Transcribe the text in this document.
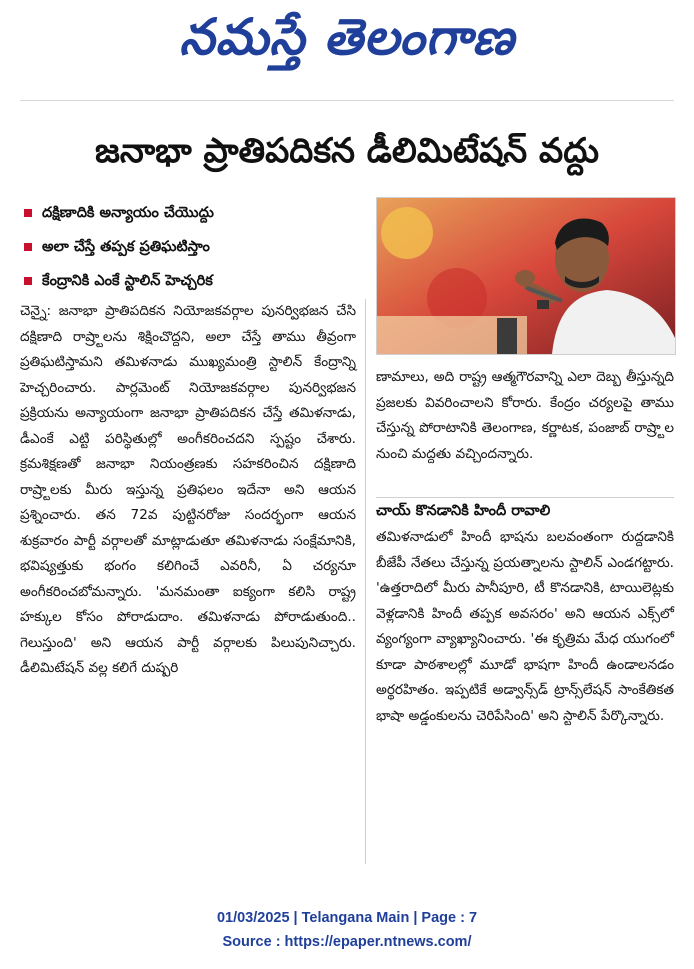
నమస్తే తెలంగాణ
జనాభా ప్రాతిపదికన డీలిమిటేషన్ వద్దు
దక్షిణాదికి అన్యాయం చేయొద్దు
అలా చేస్తే తప్పక ప్రతిఘటిస్తాం
కేంద్రానికి ఎంకే స్టాలిన్ హెచ్చరిక

చెన్నై: జనాభా ప్రాతిపదికన నియోజకవర్గాల పునర్విభజన చేసి దక్షిణాది రాష్ర్టాలను శిక్షించొద్దని, అలా చేస్తే తాము తీవ్రంగా ప్రతిఘటిస్తామని తమిళనాడు ముఖ్యమంత్రి స్టాలిన్ కేంద్రాన్ని హెచ్చరించారు. పార్లమెంట్ నియోజకవర్గాల పునర్విభజన ప్రక్రియను అన్యాయంగా జనాభా ప్రాతిపదికన చేస్తే తమిళనాడు, డీఎంకే ఎట్టి పరిస్థితుల్లో అంగీకరించదని స్పష్టం చేశారు. క్రమశిక్షణతో జనాభా నియంత్రణకు సహకరించిన దక్షిణాది రాష్ర్టాలకు మీరు ఇస్తున్న ప్రతిఫలం ఇదేనా అని ఆయన ప్రశ్నించారు. తన 72వ పుట్టినరోజు సందర్భంగా ఆయన శుక్రవారం పార్టీ వర్గాలతో మాట్లాడుతూ తమిళనాడు సంక్షేమానికి, భవిష్యత్తుకు భంగం కలిగించే ఎవరినీ, ఏ చర్యనూ అంగీకరించబోమన్నారు. 'మనమంతా ఐక్యంగా కలిసి రాష్ట్ర హక్కుల కోసం పోరాడుదాం. తమిళనాడు పోరాడుతుంది.. గెలుస్తుంది' అని ఆయన పార్టీ వర్గాలకు పిలుపునిచ్చారు. డీలిమిటేషన్ వల్ల కలిగే దుష్పరి

ణామాలు, అది రాష్ట్ర ఆత్మగౌరవాన్ని ఎలా దెబ్బ తీస్తున్నది ప్రజలకు వివరించాలని కోరారు. కేంద్రం చర్యలపై తాము చేస్తున్న పోరాటానికి తెలంగాణ, కర్ణాటక, పంజాబ్ రాష్ర్టాల నుంచి మద్దతు వచ్చిందన్నారు.

చాయ్ కొనడానికి హిందీ రావాలి

తమిళనాడులో హిందీ భాషను బలవంతంగా రుద్దడానికి బీజేపీ నేతలు చేస్తున్న ప్రయత్నాలను స్టాలిన్ ఎండగట్టారు. 'ఉత్తరాదిలో మీరు పానీపూరి, టీ కొనడానికి, టాయిలెట్లకు వెళ్లడానికి హిందీ తప్పక అవసరం' అని ఆయన ఎక్స్‌లో వ్యంగ్యంగా వ్యాఖ్యానించారు. 'ఈ కృత్రిమ మేధ యుగంలో కూడా పాఠశాలల్లో మూడో భాషగా హిందీ ఉండాలనడం అర్థరహితం. ఇప్పటికే అడ్వాన్స్‌డ్ ట్రాన్స్‌లేషన్ సాంకేతికత భాషా అడ్డంకులను చెరిపేసింది' అని స్టాలిన్ పేర్కొన్నారు.

01/03/2025 | Telangana Main | Page : 7
Source : https://epaper.ntnews.com/
